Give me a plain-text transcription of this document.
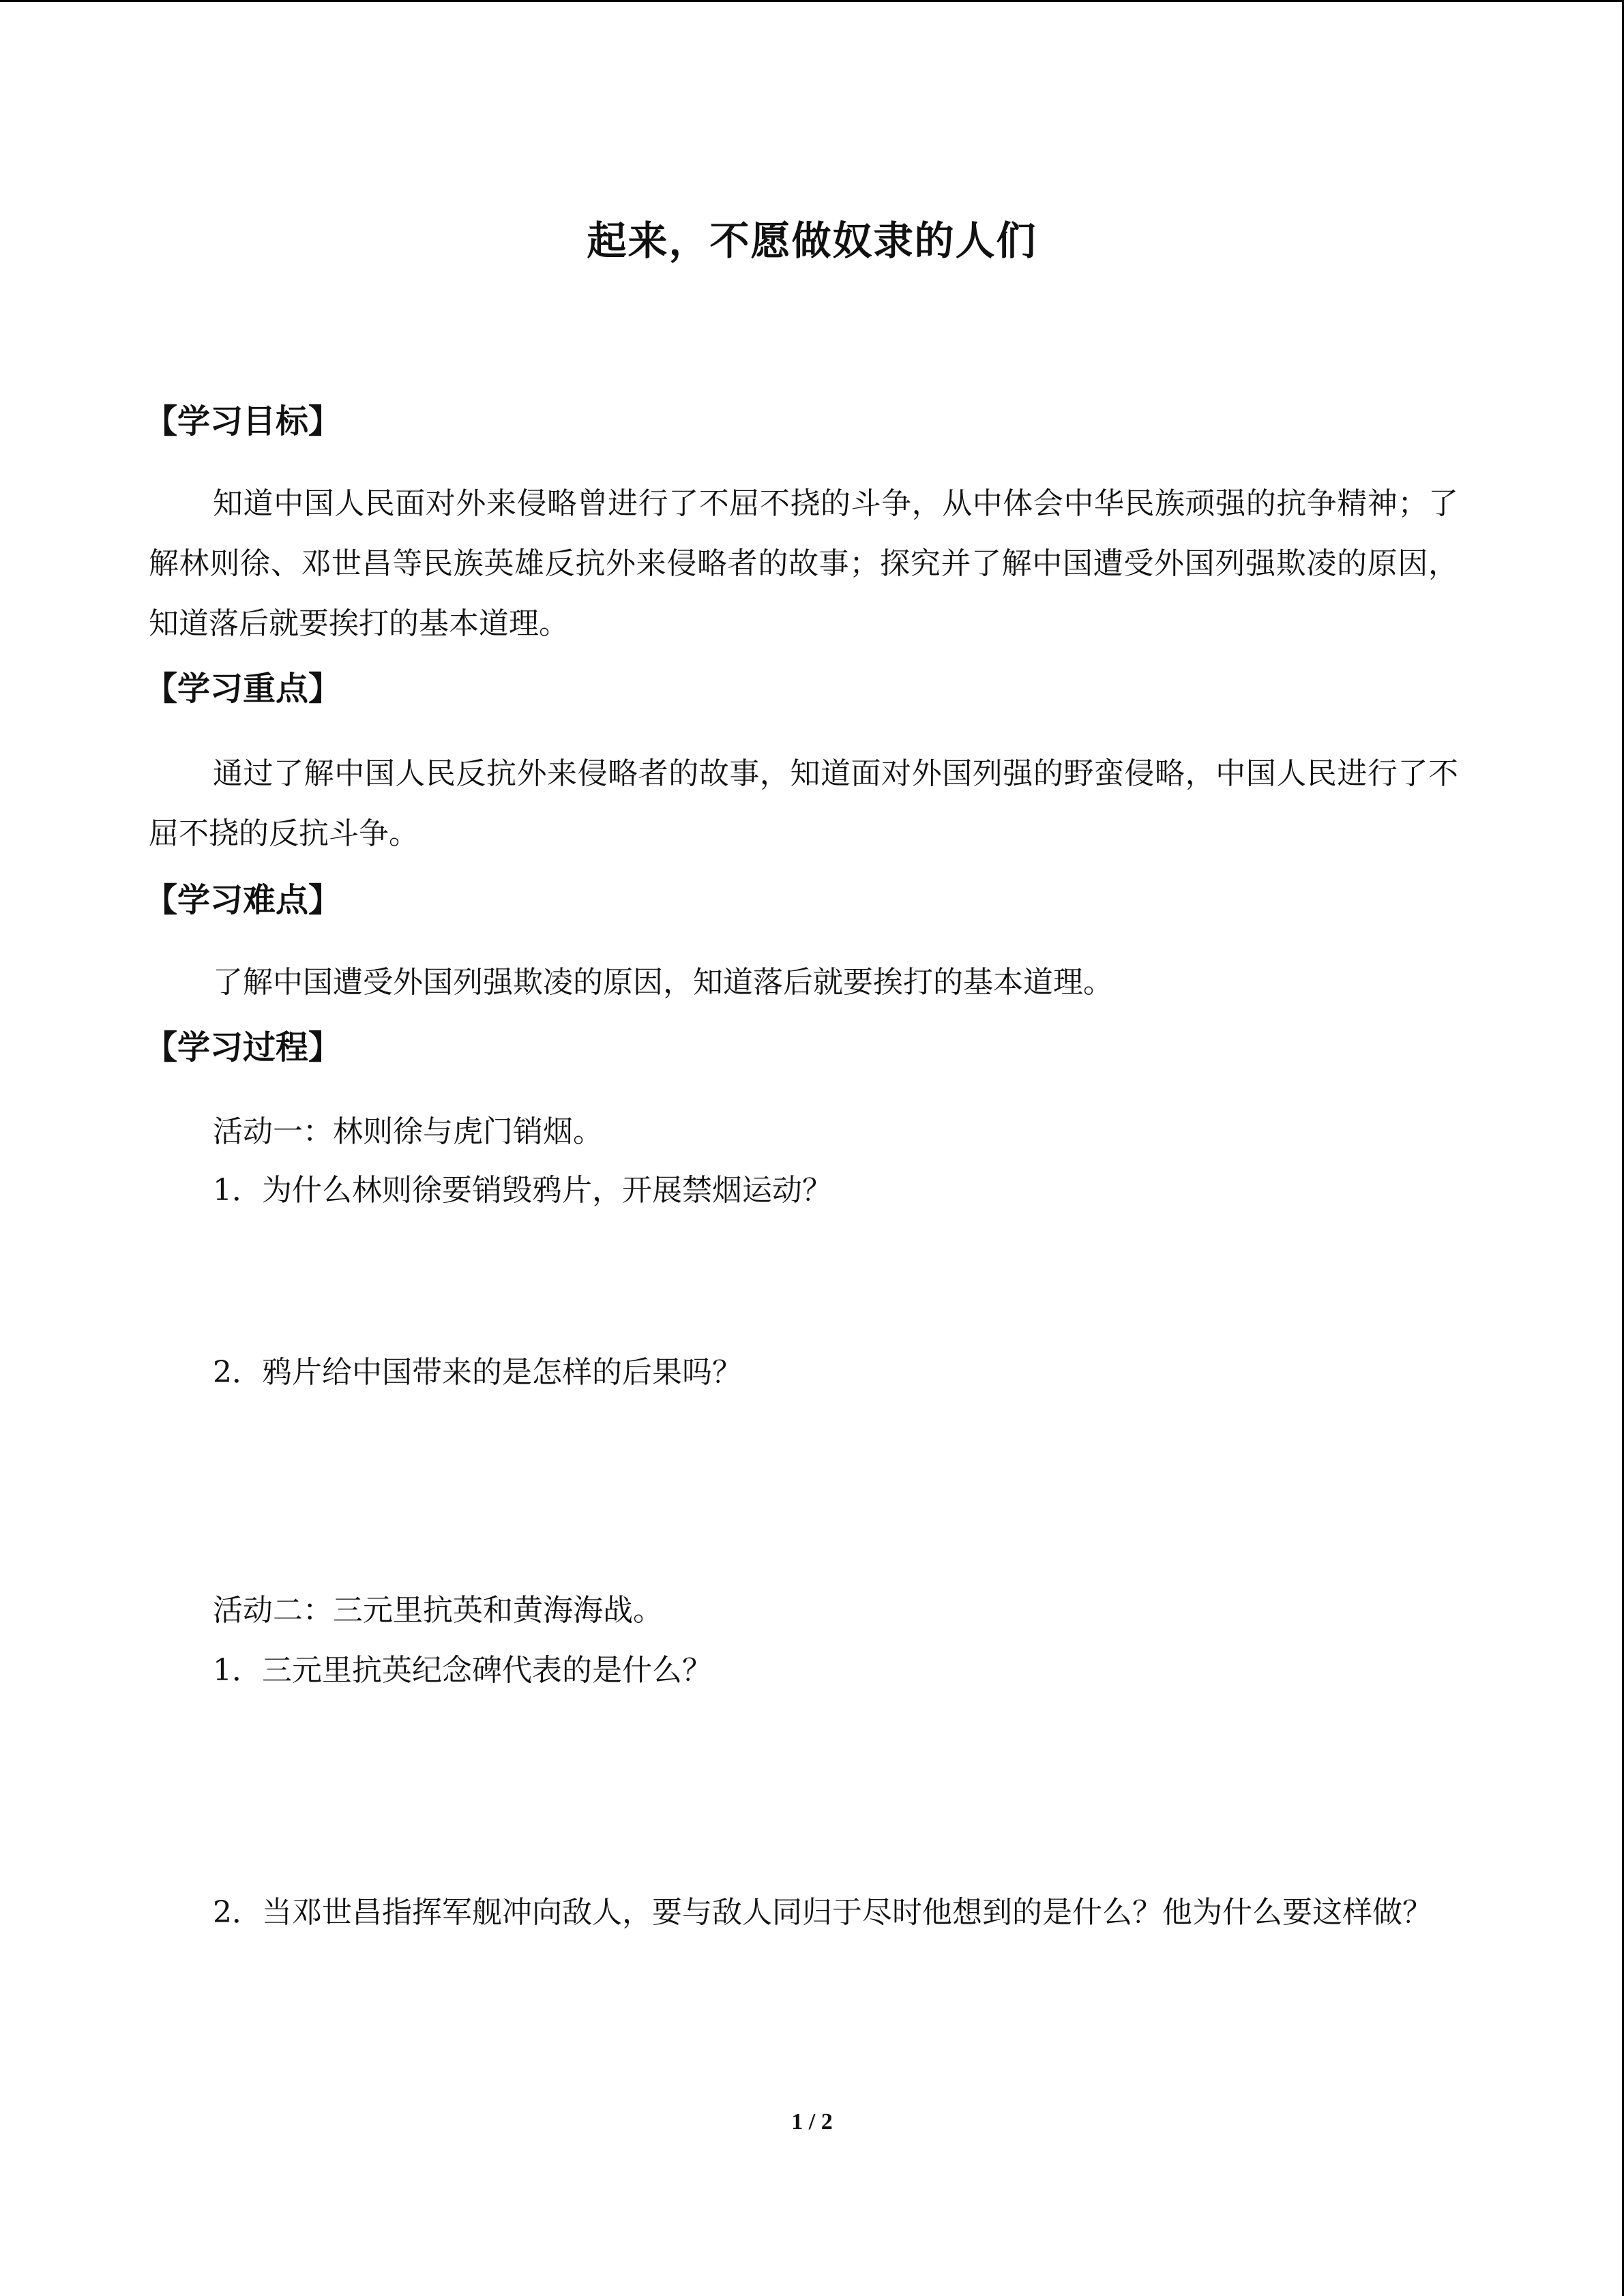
起来，不愿做奴隶的人们
【学习目标】

知道中国人民面对外来侵略曾进行了不屈不挠的斗争，从中体会中华民族顽强的抗争精神；了解林则徐、邓世昌等民族英雄反抗外来侵略者的故事；探究并了解中国遭受外国列强欺凌的原因，知道落后就要挨打的基本道理。

【学习重点】

通过了解中国人民反抗外来侵略者的故事，知道面对外国列强的野蛮侵略，中国人民进行了不屈不挠的反抗斗争。

【学习难点】

了解中国遭受外国列强欺凌的原因，知道落后就要挨打的基本道理。

【学习过程】
活动一：林则徐与虎门销烟。
1．为什么林则徐要销毁鸦片，开展禁烟运动？
2．鸦片给中国带来的是怎样的后果吗？
活动二：三元里抗英和黄海海战。
1．三元里抗英纪念碑代表的是什么？

2．当邓世昌指挥军舰冲向敌人，要与敌人同归于尽时他想到的是什么？他为什么要这样做？

1 / 2
